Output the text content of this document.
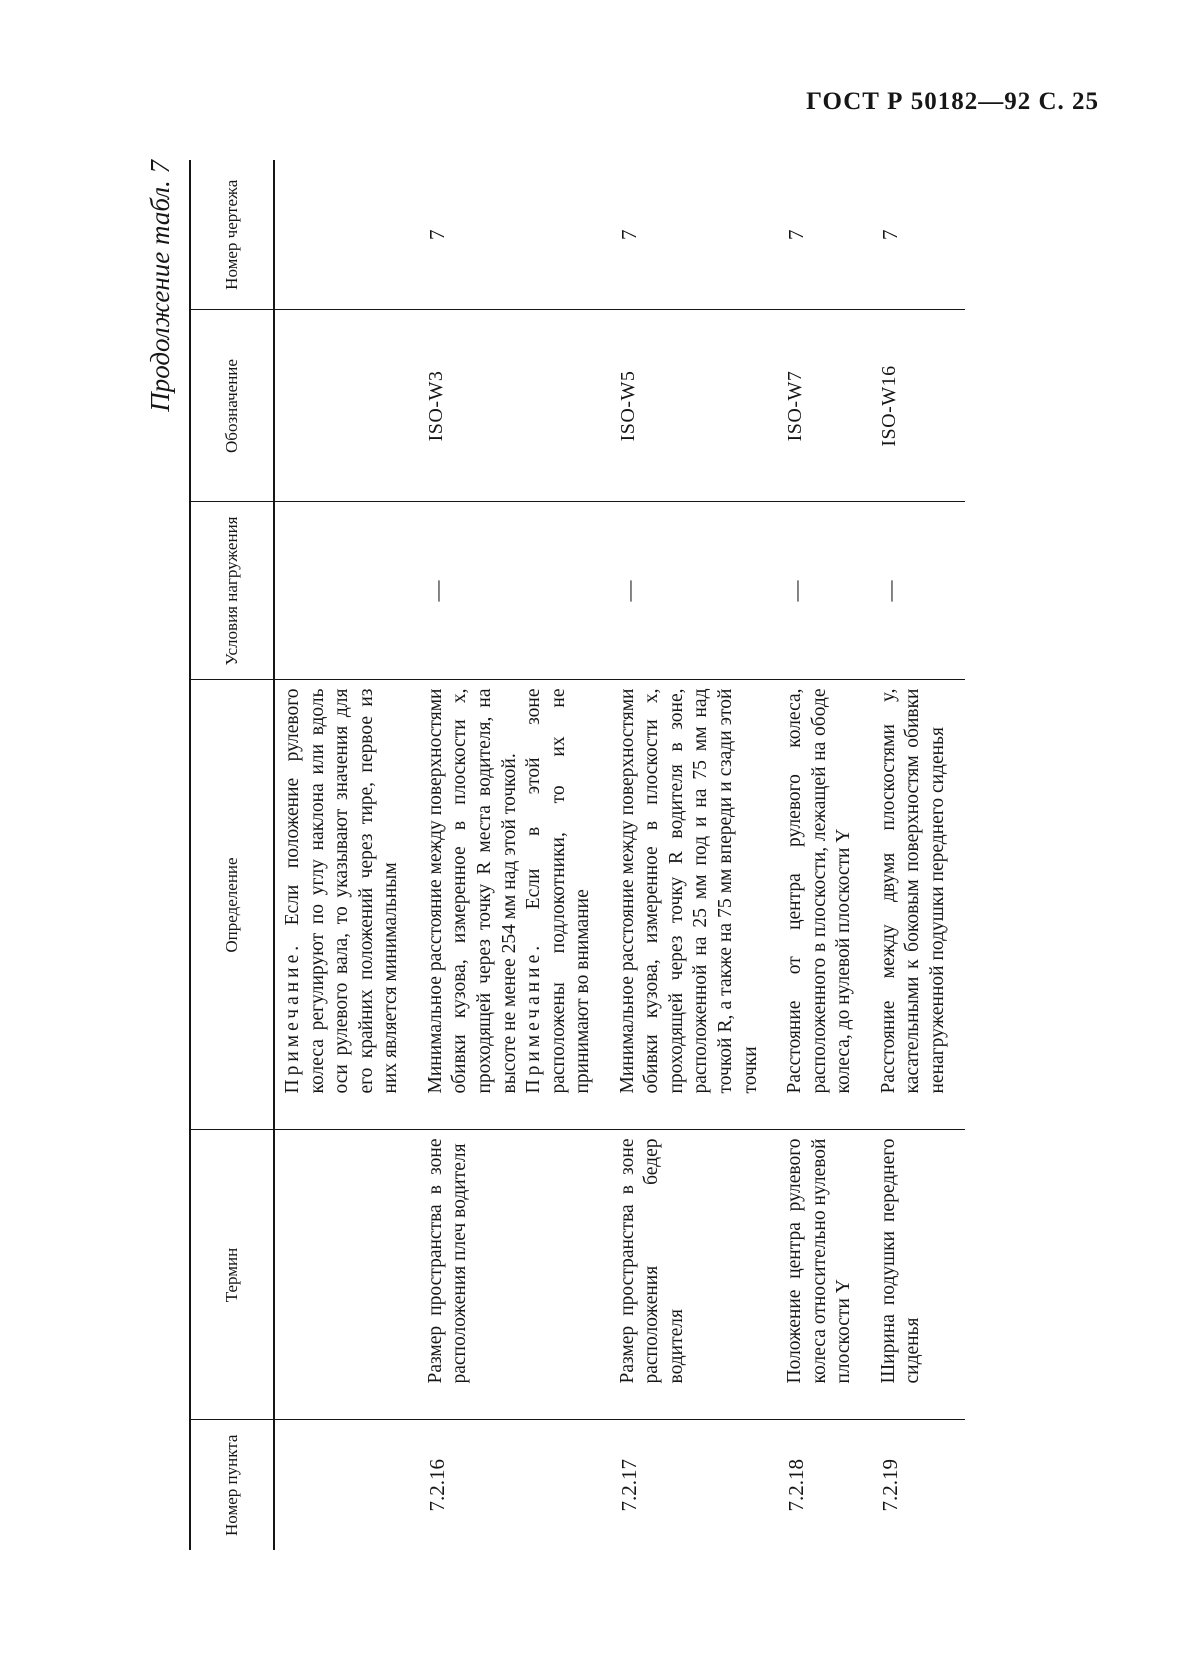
ГОСТ Р 50182—92 С. 25
Продолжение табл. 7
Номер пункта	Термин	Определение	Условия нагружения	Обозначение	Номер чертежа

		Примечание. Если положение рулевого колеса регулируют по углу наклона или вдоль оси рулевого вала, то указывают значения для его крайних положений через тире, первое из них является минимальным			

7.2.16	Размер пространства в зоне расположения плеч водителя	Минимальное расстояние между поверхностями обивки кузова, измеренное в плоскости x, проходящей через точку R места водителя, на высоте не менее 254 мм над этой точкой. Примечание. Если в этой зоне расположены подлокотники, то их не принимают во внимание	—	ISO-W3	7
7.2.17	Размер пространства в зоне расположения бедер водителя	Минимальное расстояние между поверхностями обивки кузова, измеренное в плоскости x, проходящей через точку R водителя в зоне, расположенной на 25 мм под и на 75 мм над точкой R, а также на 75 мм впереди и сзади этой точки	—	ISO-W5	7
7.2.18	Положение центра рулевого колеса относительно нулевой плоскости Y	Расстояние от центра рулевого колеса, расположенного в плоскости, лежащей на ободе колеса, до нулевой плоскости Y	—	ISO-W7	7
7.2.19	Ширина подушки переднего сиденья	Расстояние между двумя плоскостями y, касательными к боковым поверхностям обивки ненагруженной подушки переднего сиденья	—	ISO-W16	7
